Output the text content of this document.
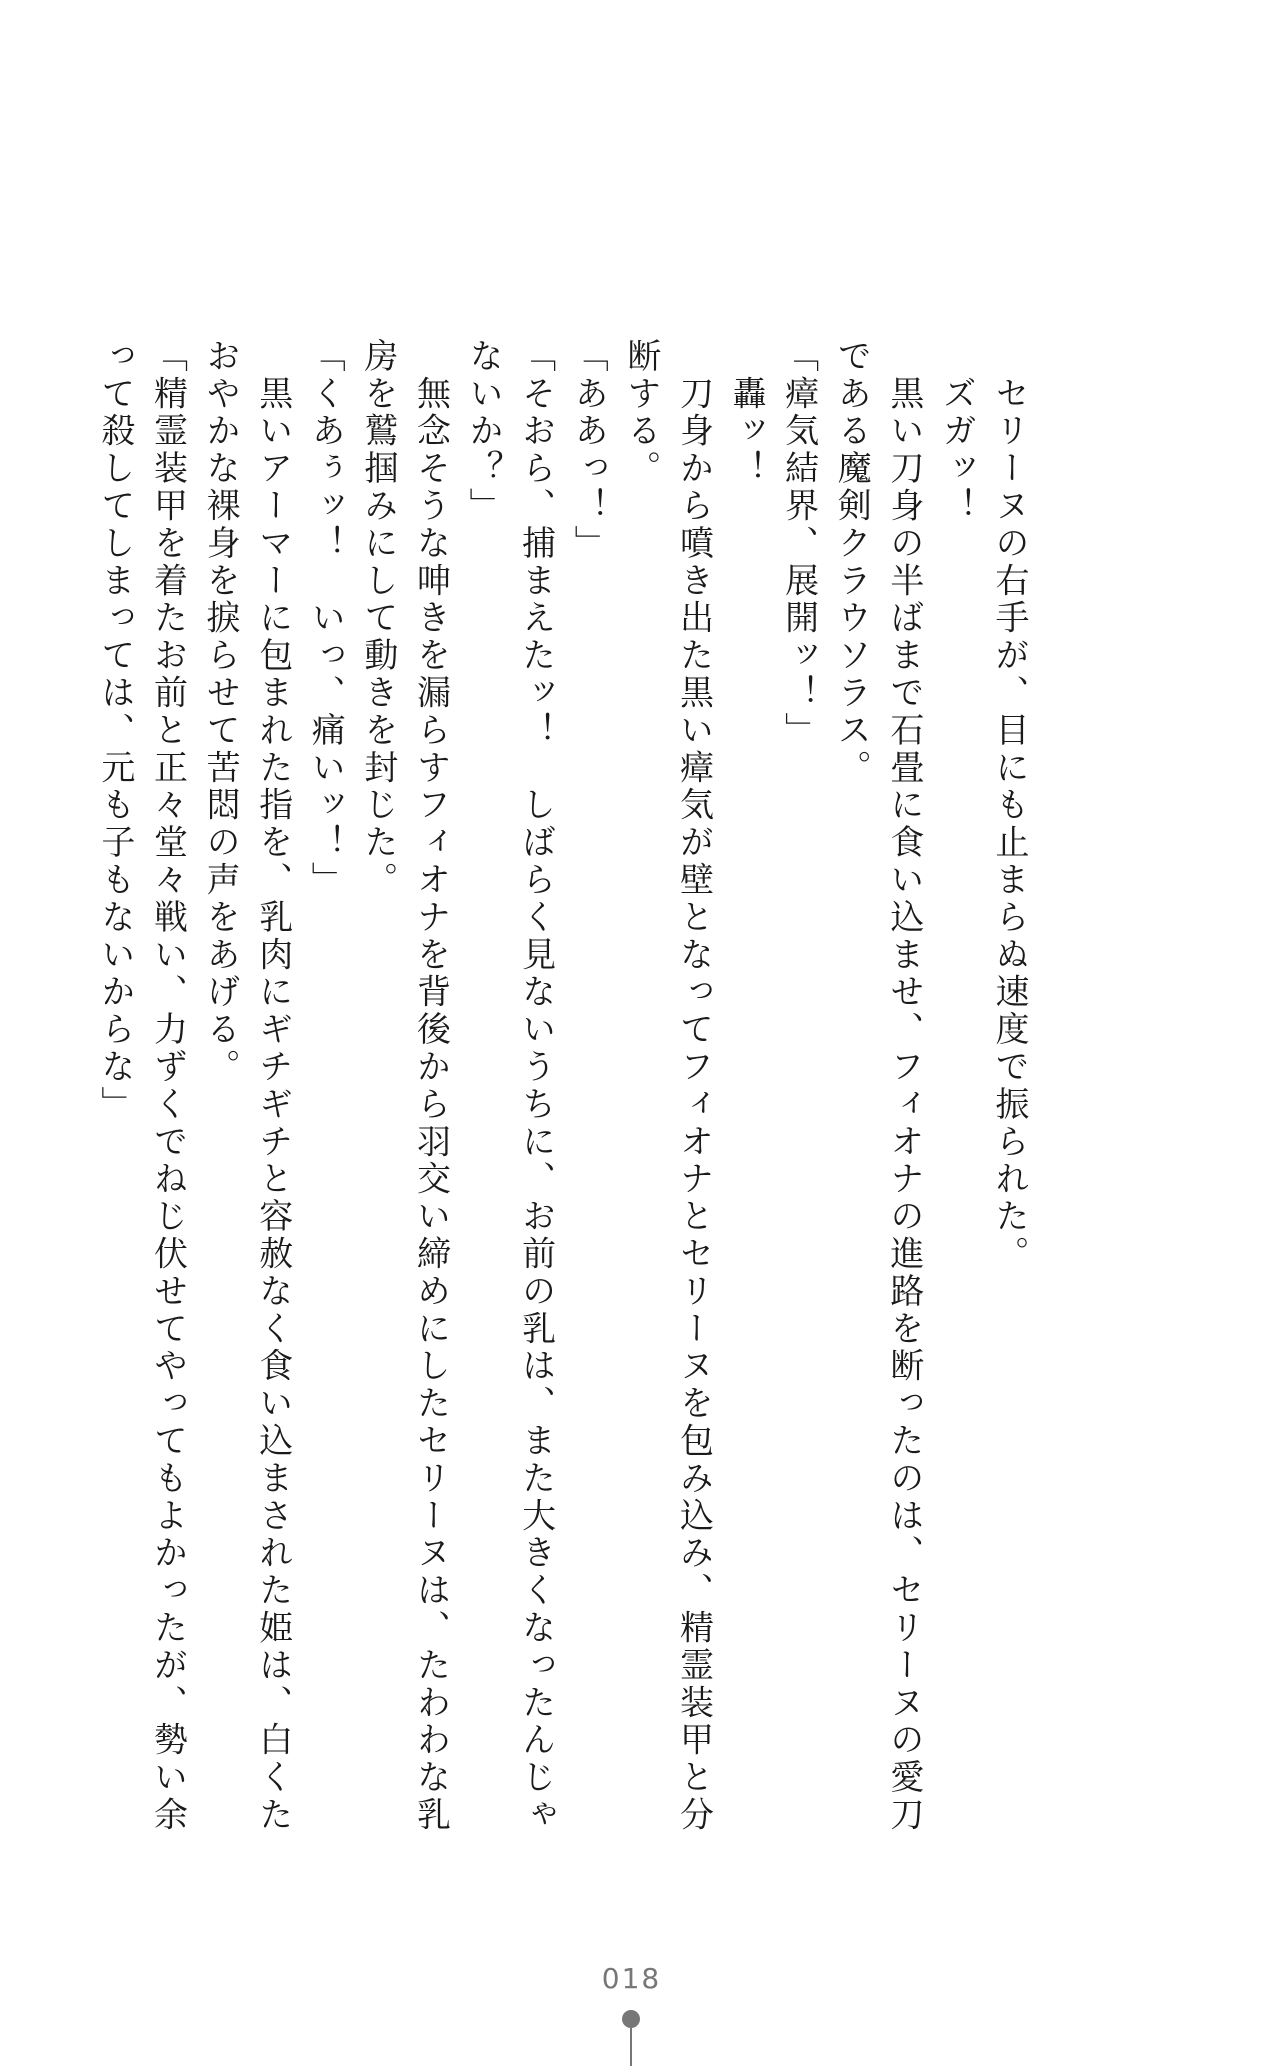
　セリーヌの右手が、目にも止まらぬ速度で振られた。

　ズガッ！

　黒い刀身の半ばまで石畳に食い込ませ、フィオナの進路を断ったのは、セリーヌの愛刀

である魔剣クラウソラス。

「瘴気結界、展開ッ！」

　轟ッ！

　刀身から噴き出た黒い瘴気が壁となってフィオナとセリーヌを包み込み、精霊装甲と分

断する。

「ああっ！」

「そおら、捕まえたッ！　しばらく見ないうちに、お前の乳は、また大きくなったんじゃ

ないか？」

　無念そうな呻きを漏らすフィオナを背後から羽交い締めにしたセリーヌは、たわわな乳

房を鷲掴みにして動きを封じた。

「くあぅッ！　いっ、痛いッ！」

　黒いアーマーに包まれた指を、乳肉にギチギチと容赦なく食い込まされた姫は、白くた

おやかな裸身を捩らせて苦悶の声をあげる。

「精霊装甲を着たお前と正々堂々戦い、力ずくでねじ伏せてやってもよかったが、勢い余

って殺してしまっては、元も子もないからな」

018
